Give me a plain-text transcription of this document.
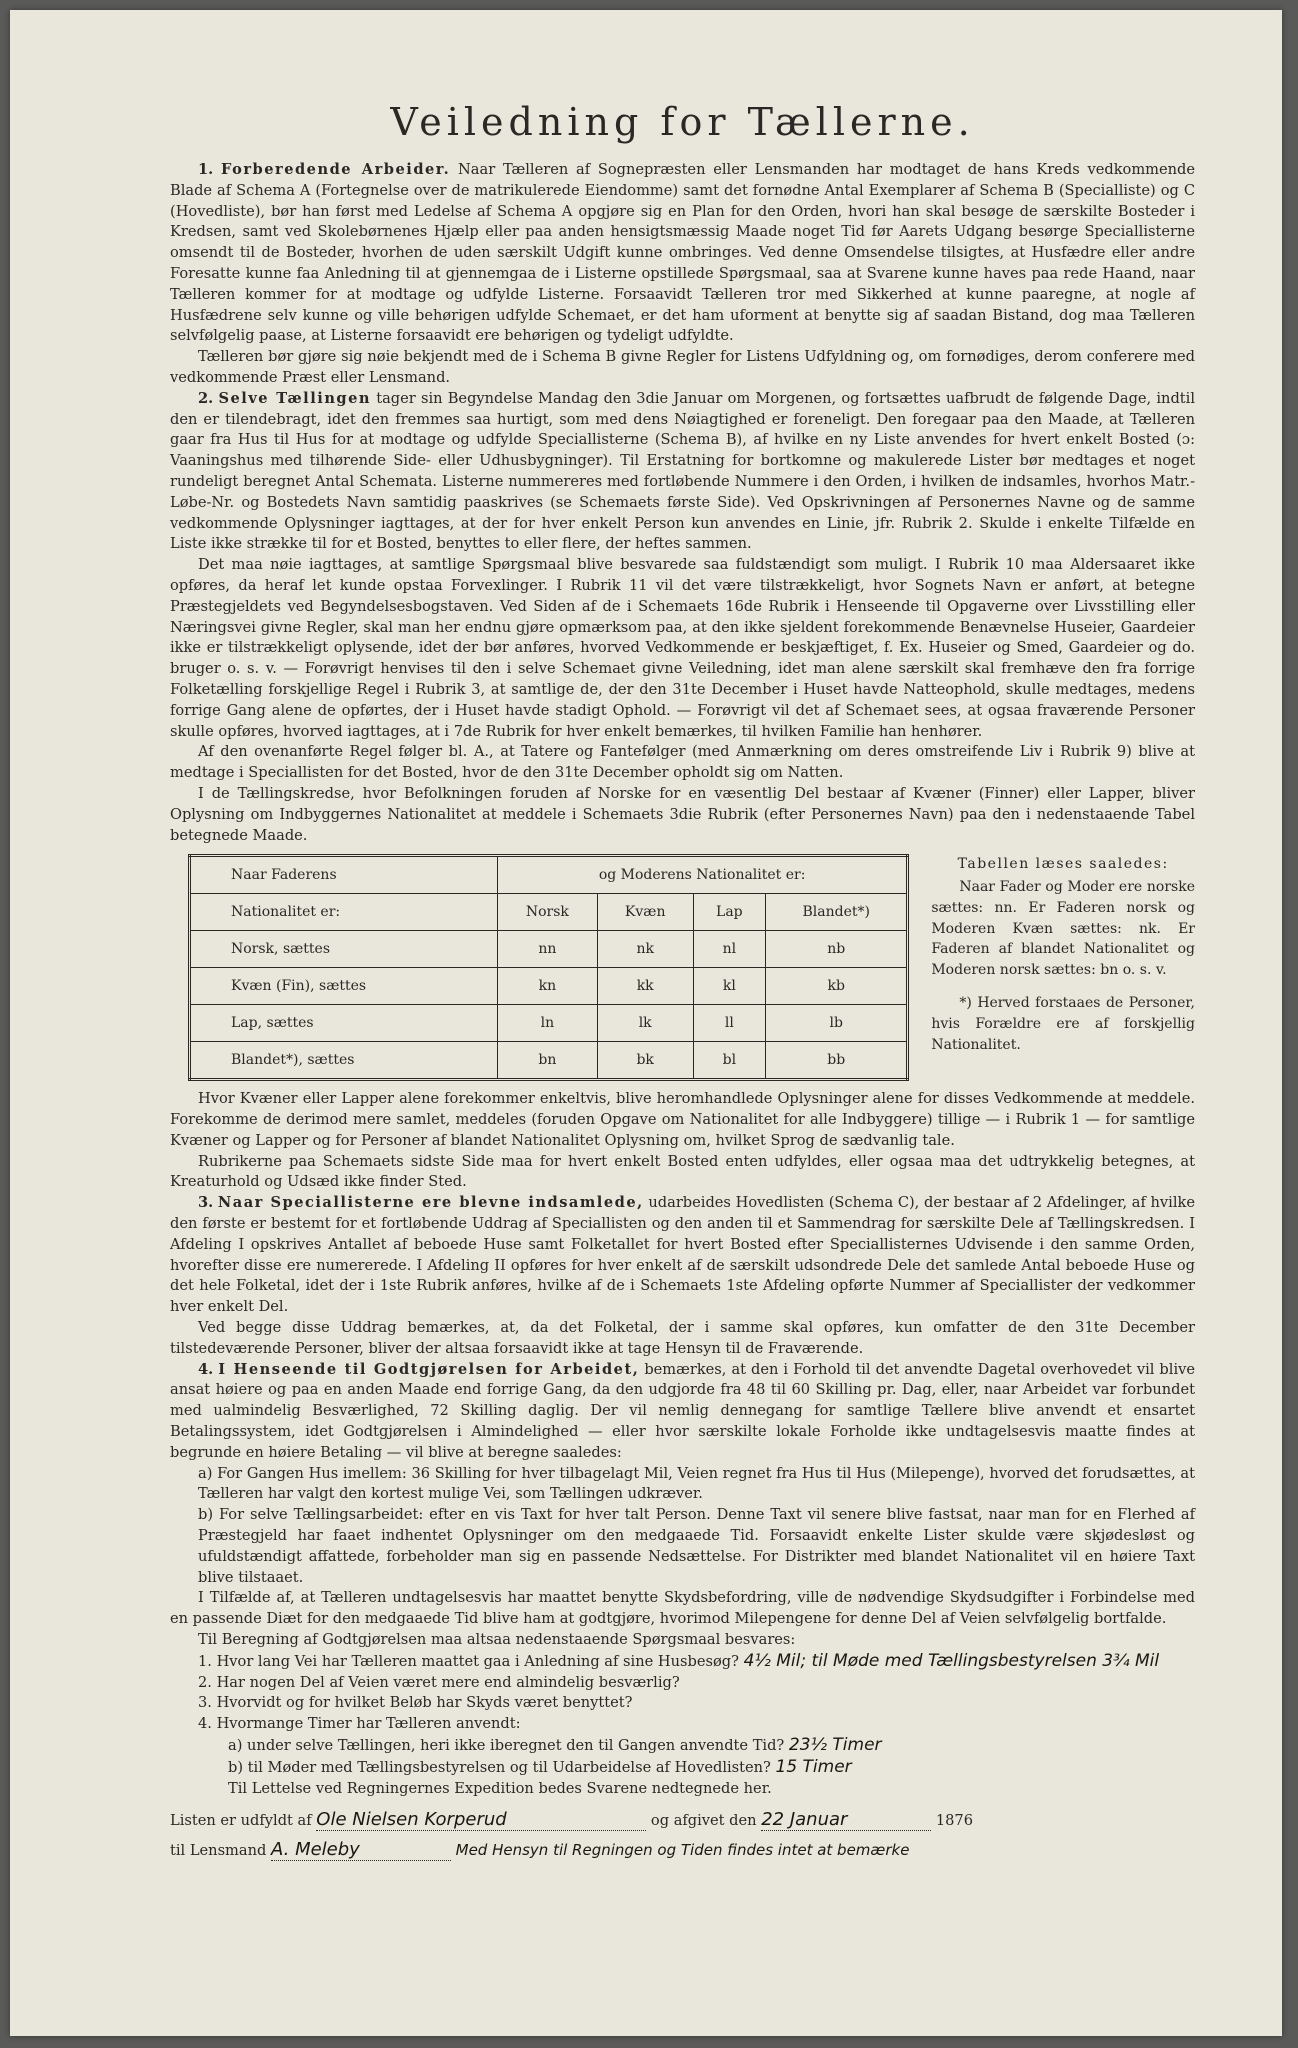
Veiledning for Tællerne.

1. Forberedende Arbeider. Naar Tælleren af Sognepræsten eller Lensmanden har modtaget de hans Kreds vedkommende Blade af Schema A (Fortegnelse over de matrikulerede Eiendomme) samt det fornødne Antal Exemplarer af Schema B (Specialliste) og C (Hovedliste), bør han først med Ledelse af Schema A opgjøre sig en Plan for den Orden, hvori han skal besøge de særskilte Bosteder i Kredsen, samt ved Skolebørnenes Hjælp eller paa anden hensigtsmæssig Maade noget Tid før Aarets Udgang besørge Speciallisterne omsendt til de Bosteder, hvorhen de uden særskilt Udgift kunne ombringes. Ved denne Omsendelse tilsigtes, at Husfædre eller andre Foresatte kunne faa Anledning til at gjennemgaa de i Listerne opstillede Spørgsmaal, saa at Svarene kunne haves paa rede Haand, naar Tælleren kommer for at modtage og udfylde Listerne. Forsaavidt Tælleren tror med Sikkerhed at kunne paaregne, at nogle af Husfædrene selv kunne og ville behørigen udfylde Schemaet, er det ham uforment at benytte sig af saadan Bistand, dog maa Tælleren selvfølgelig paase, at Listerne forsaavidt ere behørigen og tydeligt udfyldte.

Tælleren bør gjøre sig nøie bekjendt med de i Schema B givne Regler for Listens Udfyldning og, om fornødiges, derom conferere med vedkommende Præst eller Lensmand.

2. Selve Tællingen tager sin Begyndelse Mandag den 3die Januar om Morgenen, og fortsættes uafbrudt de følgende Dage, indtil den er tilendebragt, idet den fremmes saa hurtigt, som med dens Nøiagtighed er foreneligt. Den foregaar paa den Maade, at Tælleren gaar fra Hus til Hus for at modtage og udfylde Speciallisterne (Schema B), af hvilke en ny Liste anvendes for hvert enkelt Bosted (ɔ: Vaaningshus med tilhørende Side- eller Udhusbygninger). Til Erstatning for bortkomne og makulerede Lister bør medtages et noget rundeligt beregnet Antal Schemata. Listerne nummereres med fortløbende Nummere i den Orden, i hvilken de indsamles, hvorhos Matr.-Løbe-Nr. og Bostedets Navn samtidig paaskrives (se Schemaets første Side). Ved Opskrivningen af Personernes Navne og de samme vedkommende Oplysninger iagttages, at der for hver enkelt Person kun anvendes en Linie, jfr. Rubrik 2. Skulde i enkelte Tilfælde en Liste ikke strække til for et Bosted, benyttes to eller flere, der heftes sammen.

Det maa nøie iagttages, at samtlige Spørgsmaal blive besvarede saa fuldstændigt som muligt. I Rubrik 10 maa Aldersaaret ikke opføres, da heraf let kunde opstaa Forvexlinger. I Rubrik 11 vil det være tilstrækkeligt, hvor Sognets Navn er anført, at betegne Præstegjeldets ved Begyndelsesbogstaven. Ved Siden af de i Schemaets 16de Rubrik i Henseende til Opgaverne over Livsstilling eller Næringsvei givne Regler, skal man her endnu gjøre opmærksom paa, at den ikke sjeldent forekommende Benævnelse Huseier, Gaardeier ikke er tilstrækkeligt oplysende, idet der bør anføres, hvorved Vedkommende er beskjæftiget, f. Ex. Huseier og Smed, Gaardeier og do. bruger o. s. v. — Forøvrigt henvises til den i selve Schemaet givne Veiledning, idet man alene særskilt skal fremhæve den fra forrige Folketælling forskjellige Regel i Rubrik 3, at samtlige de, der den 31te December i Huset havde Natteophold, skulle medtages, medens forrige Gang alene de opførtes, der i Huset havde stadigt Ophold. — Forøvrigt vil det af Schemaet sees, at ogsaa fraværende Personer skulle opføres, hvorved iagttages, at i 7de Rubrik for hver enkelt bemærkes, til hvilken Familie han henhører.

Af den ovenanførte Regel følger bl. A., at Tatere og Fantefølger (med Anmærkning om deres omstreifende Liv i Rubrik 9) blive at medtage i Speciallisten for det Bosted, hvor de den 31te December opholdt sig om Natten.

I de Tællingskredse, hvor Befolkningen foruden af Norske for en væsentlig Del bestaar af Kvæner (Finner) eller Lapper, bliver Oplysning om Indbyggernes Nationalitet at meddele i Schemaets 3die Rubrik (efter Personernes Navn) paa den i nedenstaaende Tabel betegnede Maade.

Naar Faderens	og Moderens Nationalitet er:			
Nationalitet er:	Norsk	Kvæn	Lap	Blandet*)
Norsk, sættes	nn	nk	nl	nb
Kvæn (Fin), sættes	kn	kk	kl	kb
Lap, sættes	ln	lk	ll	lb
Blandet*), sættes	bn	bk	bl	bb
Tabellen læses saaledes:

Naar Fader og Moder ere norske sættes: nn. Er Faderen norsk og Moderen Kvæn sættes: nk. Er Faderen af blandet Nationalitet og Moderen norsk sættes: bn o. s. v.

*) Herved forstaaes de Personer, hvis Forældre ere af forskjellig Nationalitet.

Hvor Kvæner eller Lapper alene forekommer enkeltvis, blive heromhandlede Oplysninger alene for disses Vedkommende at meddele. Forekomme de derimod mere samlet, meddeles (foruden Opgave om Nationalitet for alle Indbyggere) tillige — i Rubrik 1 — for samtlige Kvæner og Lapper og for Personer af blandet Nationalitet Oplysning om, hvilket Sprog de sædvanlig tale.

Rubrikerne paa Schemaets sidste Side maa for hvert enkelt Bosted enten udfyldes, eller ogsaa maa det udtrykkelig betegnes, at Kreaturhold og Udsæd ikke finder Sted.

3. Naar Speciallisterne ere blevne indsamlede, udarbeides Hovedlisten (Schema C), der bestaar af 2 Afdelinger, af hvilke den første er bestemt for et fortløbende Uddrag af Speciallisten og den anden til et Sammendrag for særskilte Dele af Tællingskredsen. I Afdeling I opskrives Antallet af beboede Huse samt Folketallet for hvert Bosted efter Speciallisternes Udvisende i den samme Orden, hvorefter disse ere numererede. I Afdeling II opføres for hver enkelt af de særskilt udsondrede Dele det samlede Antal beboede Huse og det hele Folketal, idet der i 1ste Rubrik anføres, hvilke af de i Schemaets 1ste Afdeling opførte Nummer af Speciallister der vedkommer hver enkelt Del.

Ved begge disse Uddrag bemærkes, at, da det Folketal, der i samme skal opføres, kun omfatter de den 31te December tilstedeværende Personer, bliver der altsaa forsaavidt ikke at tage Hensyn til de Fraværende.

4. I Henseende til Godtgjørelsen for Arbeidet, bemærkes, at den i Forhold til det anvendte Dagetal overhovedet vil blive ansat høiere og paa en anden Maade end forrige Gang, da den udgjorde fra 48 til 60 Skilling pr. Dag, eller, naar Arbeidet var forbundet med ualmindelig Besværlighed, 72 Skilling daglig. Der vil nemlig dennegang for samtlige Tællere blive anvendt et ensartet Betalingssystem, idet Godtgjørelsen i Almindelighed — eller hvor særskilte lokale Forholde ikke undtagelsesvis maatte findes at begrunde en høiere Betaling — vil blive at beregne saaledes:

a) For Gangen Hus imellem: 36 Skilling for hver tilbagelagt Mil, Veien regnet fra Hus til Hus (Milepenge), hvorved det forudsættes, at Tælleren har valgt den kortest mulige Vei, som Tællingen udkræver.

b) For selve Tællingsarbeidet: efter en vis Taxt for hver talt Person. Denne Taxt vil senere blive fastsat, naar man for en Flerhed af Præstegjeld har faaet indhentet Oplysninger om den medgaaede Tid. Forsaavidt enkelte Lister skulde være skjødesløst og ufuldstændigt affattede, forbeholder man sig en passende Nedsættelse. For Distrikter med blandet Nationalitet vil en høiere Taxt blive tilstaaet.

I Tilfælde af, at Tælleren undtagelsesvis har maattet benytte Skydsbefordring, ville de nødvendige Skydsudgifter i Forbindelse med en passende Diæt for den medgaaede Tid blive ham at godtgjøre, hvorimod Milepengene for denne Del af Veien selvfølgelig bortfalde.

Til Beregning af Godtgjørelsen maa altsaa nedenstaaende Spørgsmaal besvares:

1. Hvor lang Vei har Tælleren maattet gaa i Anledning af sine Husbesøg? 4½ Mil; til Møde med Tællingsbestyrelsen 3¾ Mil

2. Har nogen Del af Veien været mere end almindelig besværlig?

3. Hvorvidt og for hvilket Beløb har Skyds været benyttet?

4. Hvormange Timer har Tælleren anvendt:

a) under selve Tællingen, heri ikke iberegnet den til Gangen anvendte Tid? 23½ Timer

b) til Møder med Tællingsbestyrelsen og til Udarbeidelse af Hovedlisten? 15 Timer

Til Lettelse ved Regningernes Expedition bedes Svarene nedtegnede her.

Listen er udfyldt af Ole Nielsen Korperud	og afgivet den 22 Januar	1876
til Lensmand A. Meleby	Med Hensyn til Regningen og Tiden findes intet at bemærke
